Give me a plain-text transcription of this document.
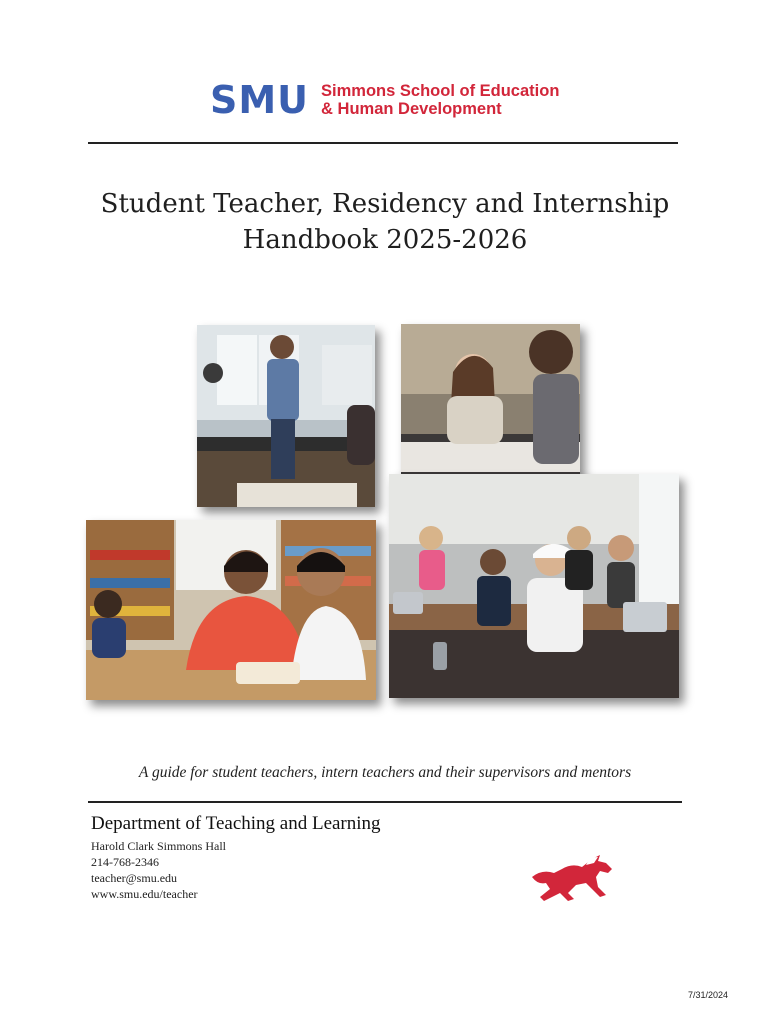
SMU Simmons School of Education
& Human Development
Student Teacher, Residency and Internship
Handbook 2025-2026
A guide for student teachers, intern teachers and their supervisors and mentors
Department of Teaching and Learning
Harold Clark Simmons Hall
214-768-2346
teacher@smu.edu
www.smu.edu/teacher
7/31/2024
